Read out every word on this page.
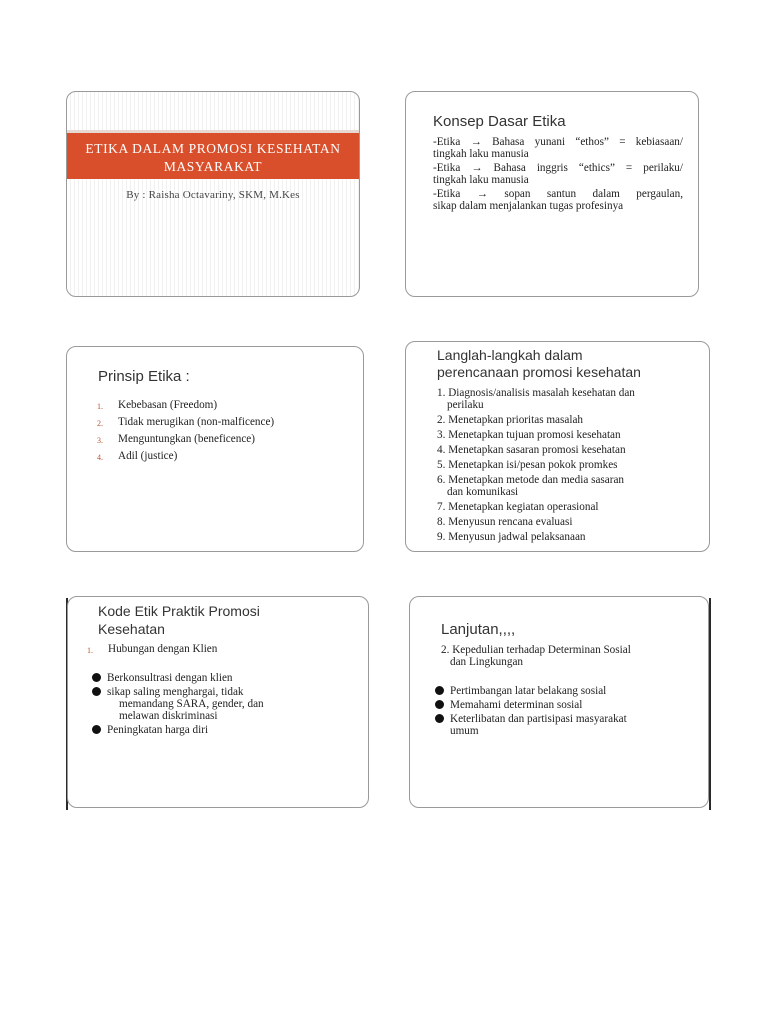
ETIKA DALAM PROMOSI KESEHATAN
MASYARAKAT
By : Raisha Octavariny, SKM, M.Kes
Konsep Dasar Etika
-Etika → Bahasa yunani “ethos” = kebiasaan/
tingkah laku manusia
-Etika → Bahasa inggris “ethics” = perilaku/
tingkah laku manusia
-Etika → sopan santun dalam pergaulan,
sikap dalam menjalankan tugas profesinya
Prinsip Etika :
1. Kebebasan (Freedom)
2. Tidak merugikan (non-malficence)
3. Menguntungkan (beneficence)
4. Adil (justice)
Langlah-langkah dalam
perencanaan promosi kesehatan
1. Diagnosis/analisis masalah kesehatan dan
perilaku
2. Menetapkan prioritas masalah
3. Menetapkan tujuan promosi kesehatan
4. Menetapkan sasaran promosi kesehatan
5. Menetapkan isi/pesan pokok promkes
6. Menetapkan metode dan media sasaran
dan komunikasi
7. Menetapkan kegiatan operasional
8. Menyusun rencana evaluasi
9. Menyusun jadwal pelaksanaan
Kode Etik Praktik Promosi
Kesehatan
1. Hubungan dengan Klien
Berkonsultrasi dengan klien
sikap saling menghargai, tidak
memandang SARA, gender, dan
melawan diskriminasi
Peningkatan harga diri
Lanjutan,,,,
2. Kepedulian terhadap Determinan Sosial
dan Lingkungan
Pertimbangan latar belakang sosial
Memahami determinan sosial
Keterlibatan dan partisipasi masyarakat
umum
